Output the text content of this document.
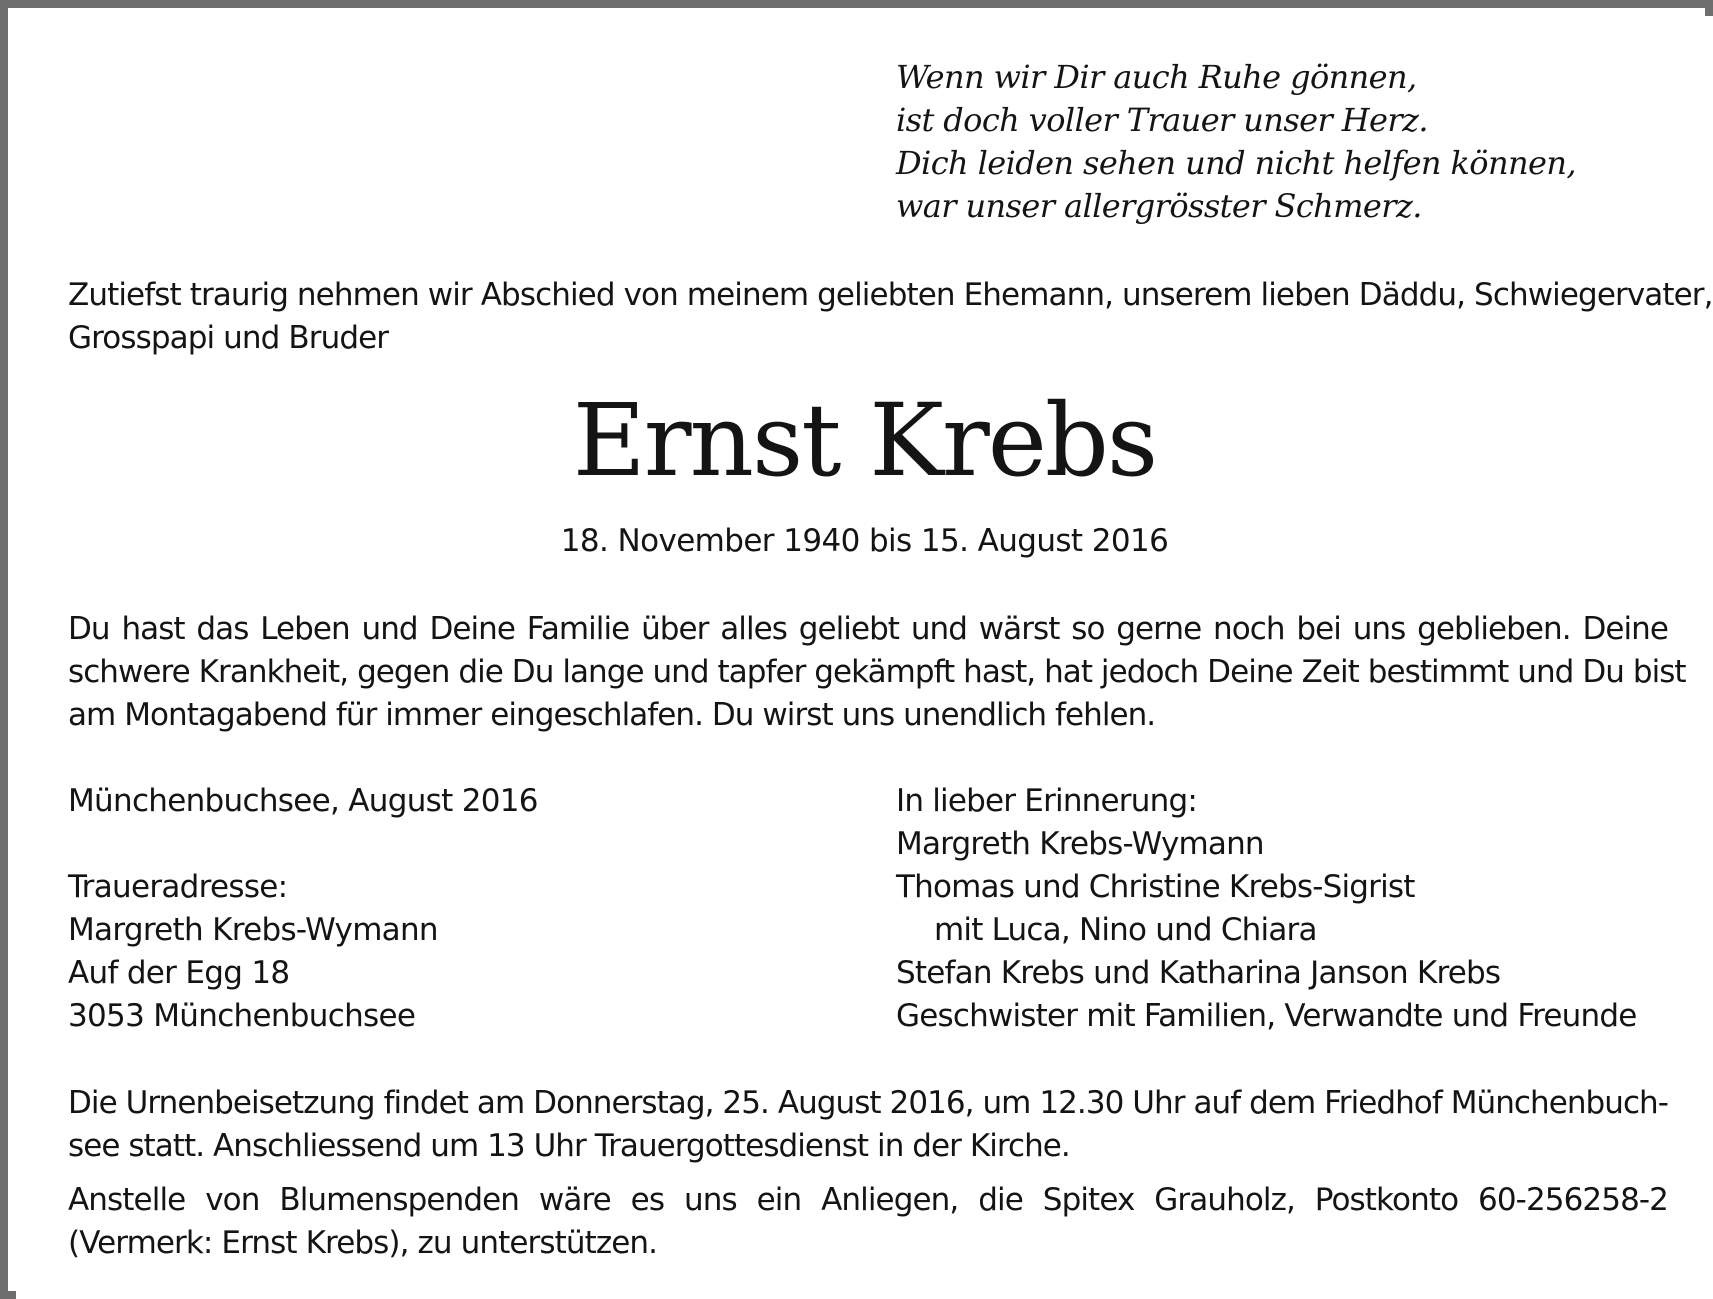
Wenn wir Dir auch Ruhe gönnen,
ist doch voller Trauer unser Herz.
Dich leiden sehen und nicht helfen können,
war unser allergrösster Schmerz.
Zutiefst traurig nehmen wir Abschied von meinem geliebten Ehemann, unserem lieben Däddu, Schwiegervater,
Grosspapi und Bruder
Ernst Krebs
18. November 1940 bis 15. August 2016
Du hast das Leben und Deine Familie über alles geliebt und wärst so gerne noch bei uns geblieben. Deine
schwere Krankheit, gegen die Du lange und tapfer gekämpft hast, hat jedoch Deine Zeit bestimmt und Du bist
am Montagabend für immer eingeschlafen. Du wirst uns unendlich fehlen.
Münchenbuchsee, August 2016
Traueradresse:
Margreth Krebs-Wymann
Auf der Egg 18
3053 Münchenbuchsee
In lieber Erinnerung:
Margreth Krebs-Wymann
Thomas und Christine Krebs-Sigrist
mit Luca, Nino und Chiara
Stefan Krebs und Katharina Janson Krebs
Geschwister mit Familien, Verwandte und Freunde
Die Urnenbeisetzung findet am Donnerstag, 25. August 2016, um 12.30 Uhr auf dem Friedhof Münchenbuch-
see statt. Anschliessend um 13 Uhr Trauergottesdienst in der Kirche.
Anstelle von Blumenspenden wäre es uns ein Anliegen, die Spitex Grauholz, Postkonto 60-256258-2
(Vermerk: Ernst Krebs), zu unterstützen.
